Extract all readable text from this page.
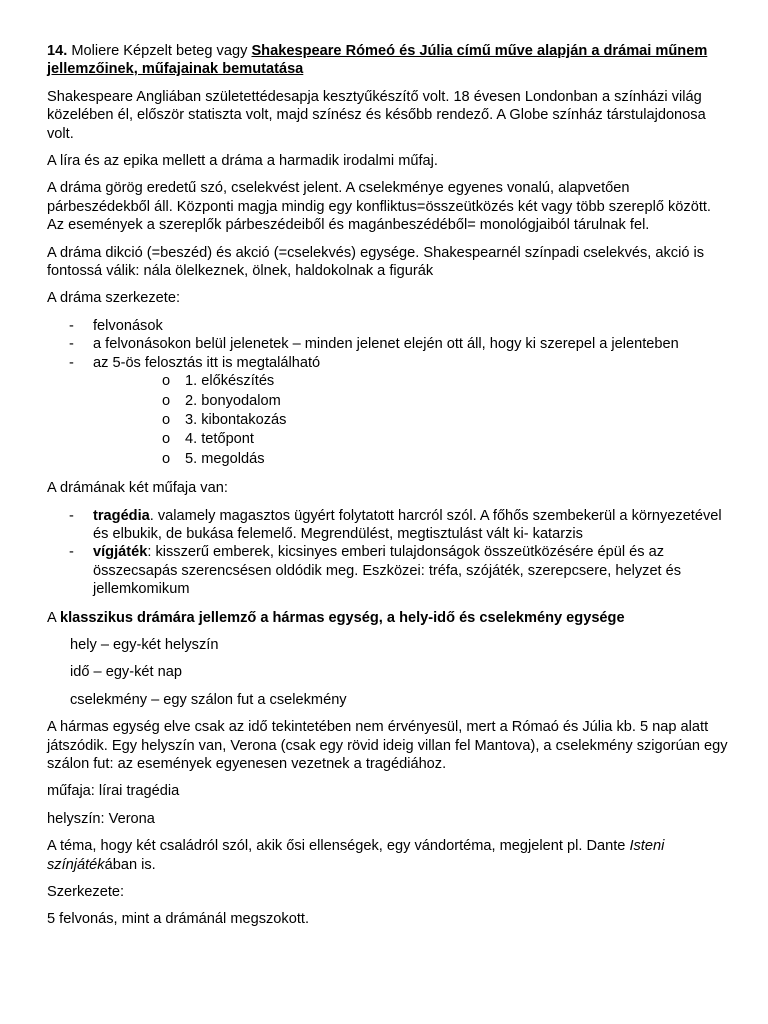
14. Moliere Képzelt beteg vagy Shakespeare Rómeó és Júlia című műve alapján a drámai műnem jellemzőinek, műfajainak bemutatása

Shakespeare Angliában születettédesapja kesztyűkészítő volt. 18 évesen Londonban a színházi világ közelében él, először statiszta volt, majd színész és később rendező. A Globe színház társtulajdonosa volt.

A líra és az epika mellett a dráma a harmadik irodalmi műfaj.

A dráma görög eredetű szó, cselekvést jelent. A cselekménye egyenes vonalú, alapvetően párbeszédekből áll. Központi magja mindig egy konfliktus=összeütközés két vagy több szereplő között. Az események a szereplők párbeszédeiből és magánbeszédéből= monológjaiból tárulnak fel.

A dráma dikció (=beszéd) és akció (=cselekvés) egysége. Shakespearnél színpadi cselekvés, akció is fontossá válik: nála ölelkeznek, ölnek, haldokolnak a figurák

A dráma szerkezete:

- felvonások
- a felvonásokon belül jelenetek – minden jelenet elején ott áll, hogy ki szerepel a jelenteben
- az 5-ös felosztás itt is megtalálható
o 1. előkészítés
o 2. bonyodalom
o 3. kibontakozás
o 4. tetőpont
o 5. megoldás

A drámának két műfaja van:

- tragédia. valamely magasztos ügyért folytatott harcról szól. A főhős szembekerül a környezetével és elbukik, de bukása felemelő. Megrendülést, megtisztulást vált ki- katarzis
- vígjáték: kisszerű emberek, kicsinyes emberi tulajdonságok összeütközésére épül és az összecsapás szerencsésen oldódik meg. Eszközei: tréfa, szójáték, szerepcsere, helyzet és jellemkomikum

A klasszikus drámára jellemző a hármas egység, a hely-idő és cselekmény egysége

hely – egy-két helyszín

idő – egy-két nap

cselekmény – egy szálon fut a cselekmény

A hármas egység elve csak az idő tekintetében nem érvényesül, mert a Rómaó és Júlia kb. 5 nap alatt játszódik. Egy helyszín van, Verona (csak egy rövid ideig villan fel Mantova), a cselekmény szigorúan egy szálon fut: az események egyenesen vezetnek a tragédiához.

műfaja: lírai tragédia

helyszín: Verona

A téma, hogy két családról szól, akik ősi ellenségek, egy vándortéma, megjelent pl. Dante Isteni színjátékában is.

Szerkezete:

5 felvonás, mint a drámánál megszokott.
